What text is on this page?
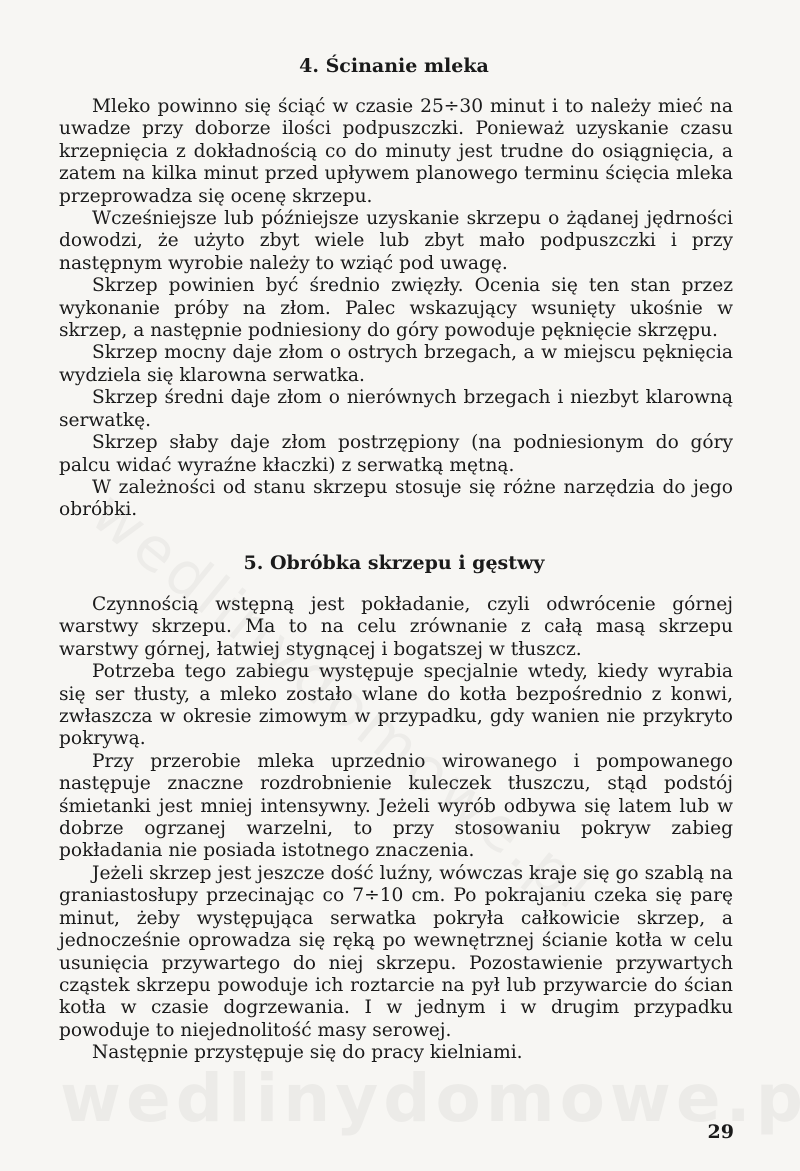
4. Ścinanie mleka

Mleko powinno się ściąć w czasie 25÷30 minut i to należy mieć na uwadze przy doborze ilości podpuszczki. Ponieważ uzyskanie czasu krzepnięcia z dokładnością co do minuty jest trudne do osiągnięcia, a zatem na kilka minut przed upływem planowego terminu ścięcia mleka przeprowadza się ocenę skrzepu.

Wcześniejsze lub późniejsze uzyskanie skrzepu o żądanej jędrności dowodzi, że użyto zbyt wiele lub zbyt mało podpuszczki i przy następnym wyrobie należy to wziąć pod uwagę.

Skrzep powinien być średnio zwięzły. Ocenia się ten stan przez wykonanie próby na złom. Palec wskazujący wsunięty ukośnie w skrzep, a następnie podniesiony do góry powoduje pęknięcie skrzępu.

Skrzep mocny daje złom o ostrych brzegach, a w miejscu pęknięcia wydziela się klarowna serwatka.

Skrzep średni daje złom o nierównych brzegach i niezbyt klarowną serwatkę.

Skrzep słaby daje złom postrzępiony (na podniesionym do góry palcu widać wyraźne kłaczki) z serwatką mętną.

W zależności od stanu skrzepu stosuje się różne narzędzia do jego obróbki.

5. Obróbka skrzepu i gęstwy

Czynnością wstępną jest pokładanie, czyli odwrócenie górnej warstwy skrzepu. Ma to na celu zrównanie z całą masą skrzepu warstwy górnej, łatwiej stygnącej i bogatszej w tłuszcz.

Potrzeba tego zabiegu występuje specjalnie wtedy, kiedy wyrabia się ser tłusty, a mleko zostało wlane do kotła bezpośrednio z konwi, zwłaszcza w okresie zimowym w przypadku, gdy wanien nie przykryto pokrywą.

Przy przerobie mleka uprzednio wirowanego i pompowanego następuje znaczne rozdrobnienie kuleczek tłuszczu, stąd podstój śmietanki jest mniej intensywny. Jeżeli wyrób odbywa się latem lub w dobrze ogrzanej warzelni, to przy stosowaniu pokryw zabieg pokładania nie posiada istotnego znaczenia.

Jeżeli skrzep jest jeszcze dość luźny, wówczas kraje się go szablą na graniastosłupy przecinając co 7÷10 cm. Po pokrajaniu czeka się parę minut, żeby występująca serwatka pokryła całkowicie skrzep, a jednocześnie oprowadza się ręką po wewnętrznej ścianie kotła w celu usunięcia przywartego do niej skrzepu. Pozostawienie przywartych cząstek skrzepu powoduje ich roztarcie na pył lub przywarcie do ścian kotła w czasie dogrzewania. I w jednym i w drugim przypadku powoduje to niejednolitość masy serowej.

Następnie przystępuje się do pracy kielniami.

29
